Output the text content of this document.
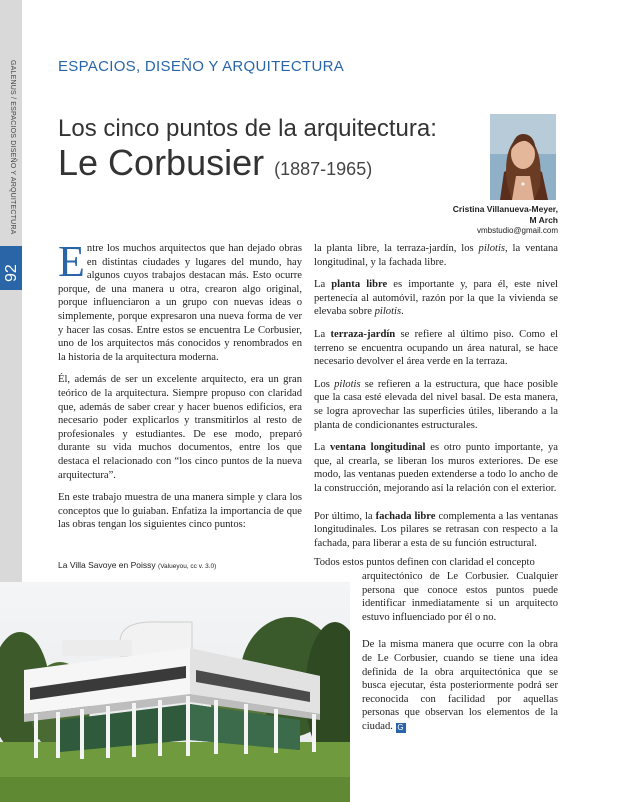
GALENUS / ESPACIOS DISEÑO Y ARQUITECTURA
92
ESPACIOS, DISEÑO Y ARQUITECTURA
Los cinco puntos de la arquitectura:
Le Corbusier (1887-1965)
Cristina Villanueva-Meyer,
M Arch
vmbstudio@gmail.com

Entre los muchos arquitectos que han dejado obras en distintas ciudades y lugares del mundo, hay algunos cuyos trabajos destacan más. Esto ocurre porque, de una manera u otra, crearon algo original, porque influenciaron a un grupo con nuevas ideas o simplemente, porque expresaron una nueva forma de ver y hacer las cosas. Entre estos se encuentra Le Corbusier, uno de los arquitectos más conocidos y renombrados en la historia de la arquitectura moderna.

Él, además de ser un excelente arquitecto, era un gran teórico de la arquitectura. Siempre propuso con claridad que, además de saber crear y hacer buenos edificios, era necesario poder explicarlos y transmitirlos al resto de profesionales y estudiantes. De ese modo, preparó durante su vida muchos documentos, entre los que destaca el relacionado con “los cinco puntos de la nueva arquitectura”.

En este trabajo muestra de una manera simple y clara los conceptos que lo guiaban. Enfatiza la importancia de que las obras tengan los siguientes cinco puntos:

la planta libre, la terraza-jardín, los pilotis, la ventana longitudinal, y la fachada libre.

La planta libre es importante y, para él, este nivel pertenecía al automóvil, razón por la que la vivienda se elevaba sobre pilotis.

La terraza-jardín se refiere al último piso. Como el terreno se encuentra ocupando un área natural, se hace necesario devolver el área verde en la terraza.

Los pilotis se refieren a la estructura, que hace posible que la casa esté elevada del nivel basal. De esta manera, se logra aprovechar las superficies útiles, liberando a la planta de condicionantes estructurales.

La ventana longitudinal es otro punto importante, ya que, al crearla, se liberan los muros exteriores. De ese modo, las ventanas pueden extenderse a todo lo ancho de la construcción, mejorando así la relación con el exterior.

Por último, la fachada libre complementa a las ventanas longitudinales. Los pilares se retrasan con respecto a la fachada, para liberar a esta de su función estructural.

Todos estos puntos definen con claridad el concepto

arquitectónico de Le Corbusier. Cualquier persona que conoce estos puntos puede identificar inmediatamente si un arquitecto estuvo influenciado por él o no.

De la misma manera que ocurre con la obra de Le Corbusier, cuando se tiene una idea definida de la obra arquitectónica que se busca ejecutar, ésta posteriormente podrá ser reconocida con facilidad por aquellas personas que observan los elementos de la ciudad. G

La Villa Savoye en Poissy (Valueyou, cc v. 3.0)
